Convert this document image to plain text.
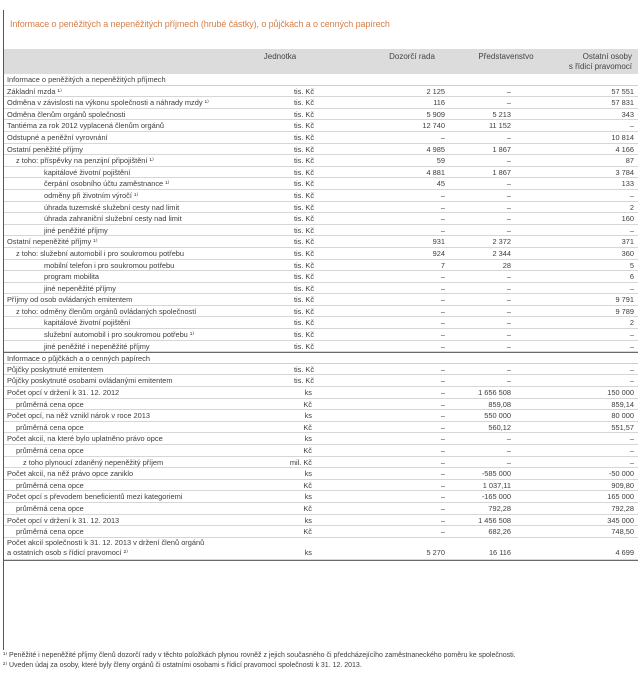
Informace o peněžitých a nepeněžitých příjmech (hrubé částky), o půjčkách a o cenných papírech
Jednotka	Dozorčí rada	Představenstvo	Ostatní osoby
s řídicí pravomocí
Informace o peněžitých a nepeněžitých příjmech
Základní mzda ¹⁾	tis. Kč	2 125	–	57 551
Odměna v závislosti na výkonu společnosti a náhrady mzdy ¹⁾	tis. Kč	116	–	57 831
Odměna členům orgánů společnosti	tis. Kč	5 909	5 213	343
Tantiéma za rok 2012 vyplacená členům orgánů	tis. Kč	12 740	11 152	–
Odstupné a peněžní vyrovnání	tis. Kč	–	–	10 814
Ostatní peněžité příjmy	tis. Kč	4 985	1 867	4 166
z toho: příspěvky na penzijní připojištění ¹⁾	tis. Kč	59	–	87
kapitálové životní pojištění	tis. Kč	4 881	1 867	3 784
čerpání osobního účtu zaměstnance ¹⁾	tis. Kč	45	–	133
odměny při životním výročí ¹⁾	tis. Kč	–	–	–
úhrada tuzemské služební cesty nad limit	tis. Kč	–	–	2
úhrada zahraniční služební cesty nad limit	tis. Kč	–	–	160
jiné peněžité příjmy	tis. Kč	–	–	–
Ostatní nepeněžité příjmy ¹⁾	tis. Kč	931	2 372	371
z toho: služební automobil i pro soukromou potřebu	tis. Kč	924	2 344	360
mobilní telefon i pro soukromou potřebu	tis. Kč	7	28	5
program mobilita	tis. Kč	–	–	6
jiné nepeněžité příjmy	tis. Kč	–	–	–
Příjmy od osob ovládaných emitentem	tis. Kč	–	–	9 791
z toho: odměny členům orgánů ovládaných společností	tis. Kč	–	–	9 789
kapitálové životní pojištění	tis. Kč	–	–	2
služební automobil i pro soukromou potřebu ¹⁾	tis. Kč	–	–	–
jiné peněžité i nepeněžité příjmy	tis. Kč	–	–	–
Informace o půjčkách a o cenných papírech
Půjčky poskytnuté emitentem	tis. Kč	–	–	–
Půjčky poskytnuté osobami ovládanými emitentem	tis. Kč	–	–	–
Počet opcí v držení k 31. 12. 2012	ks	–	1 656 508	150 000
průměrná cena opce	Kč	–	859,08	859,14
Počet opcí, na něž vznikl nárok v roce 2013	ks	–	550 000	80 000
průměrná cena opce	Kč	–	560,12	551,57
Počet akcií, na které bylo uplatněno právo opce	ks	–	–	–
průměrná cena opce	Kč	–	–	–
z toho plynoucí zdaněný nepeněžitý příjem	mil. Kč	–	–	–
Počet akcií, na něž právo opce zaniklo	ks	–	-585 000	-50 000
průměrná cena opce	Kč	–	1 037,11	909,80
Počet opcí s převodem beneficientů mezi kategoriemi	ks	–	-165 000	165 000
průměrná cena opce	Kč	–	792,28	792,28
Počet opcí v držení k 31. 12. 2013	ks	–	1 456 508	345 000
průměrná cena opce	Kč	–	682,26	748,50
Počet akcií společnosti k 31. 12. 2013 v držení členů orgánů
a ostatních osob s řídicí pravomocí ²⁾	ks	5 270	16 116	4 699
¹⁾ Peněžité i nepeněžité příjmy členů dozorčí rady v těchto položkách plynou rovněž z jejich současného či předcházejícího zaměstnaneckého poměru ke společnosti.
²⁾ Uveden údaj za osoby, které byly členy orgánů či ostatními osobami s řídicí pravomocí společnosti k 31. 12. 2013.
